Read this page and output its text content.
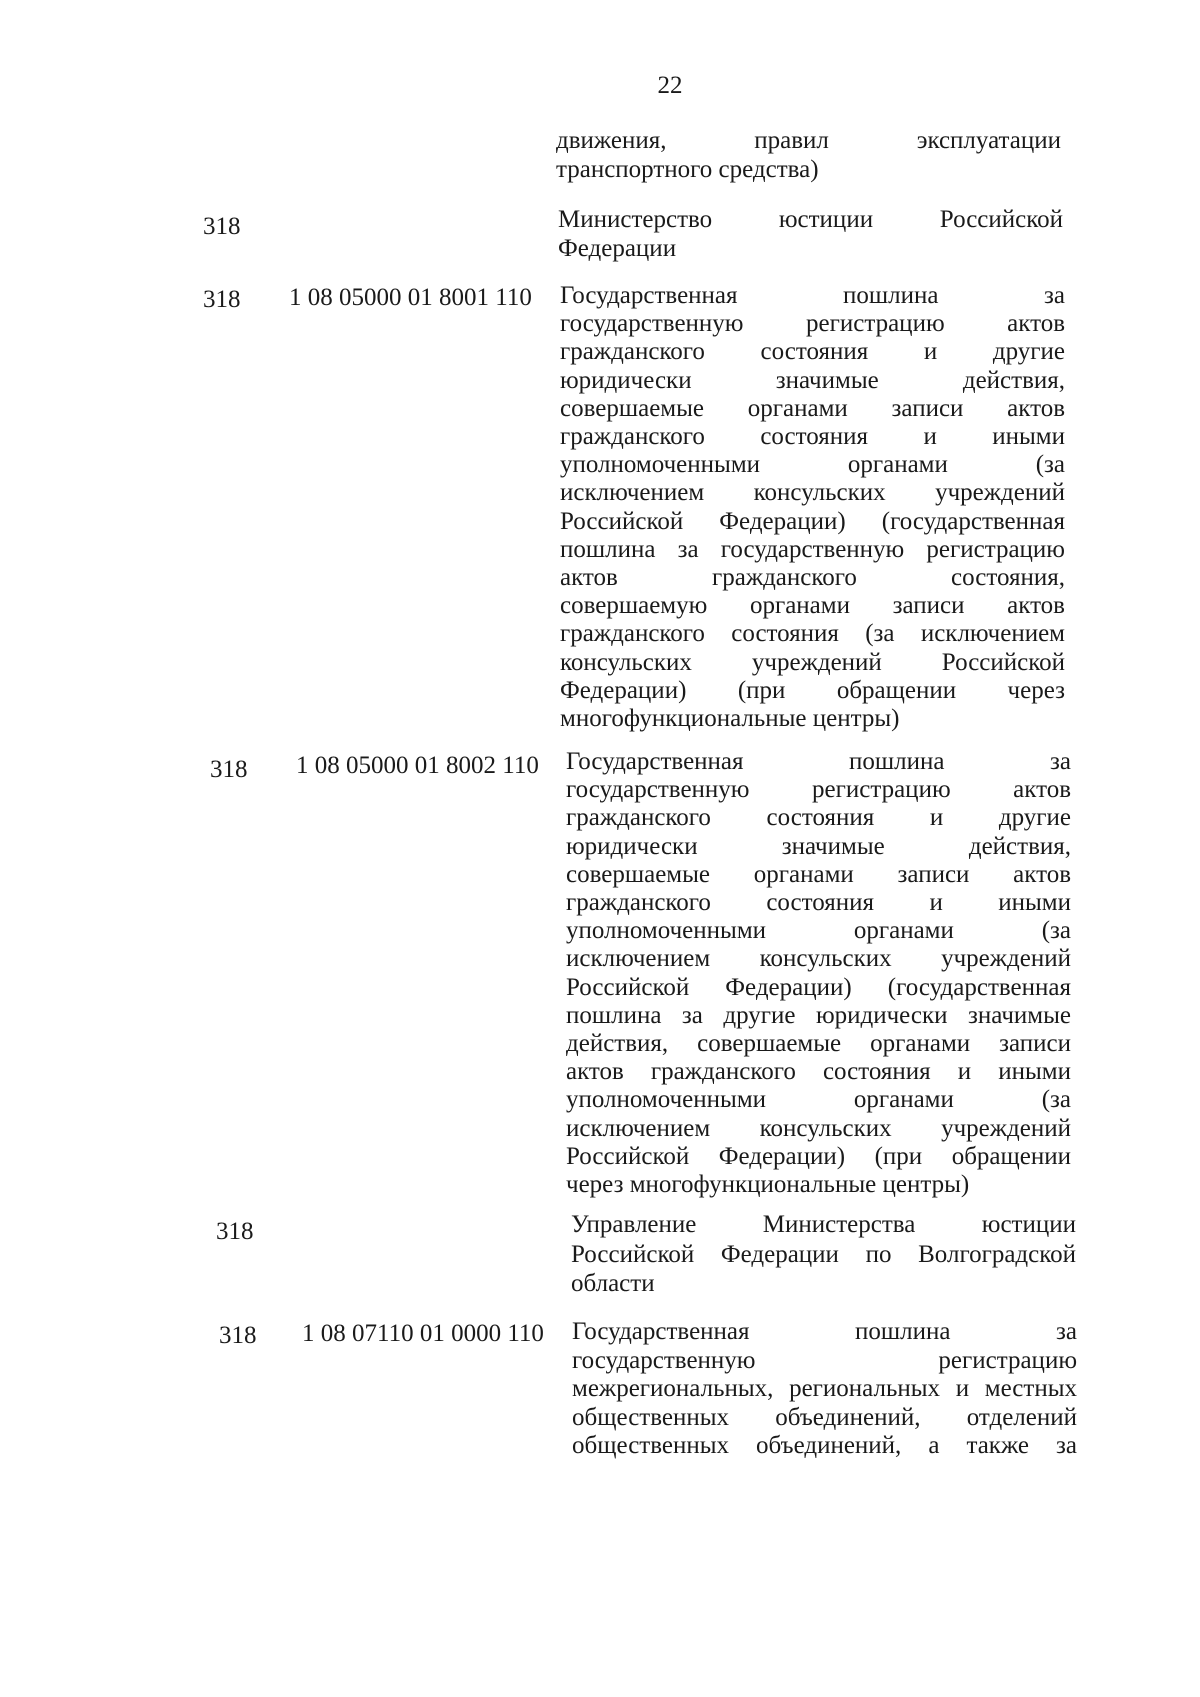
22
движения, правил эксплуатации
транспортного средства)
318	Министерство юстиции Российской
Федерации
318 1 08 05000 01 8001 110 Государственная пошлина за
государственную регистрацию актов
гражданского состояния и другие
юридически значимые действия,
совершаемые органами записи актов
гражданского состояния и иными
уполномоченными органами (за
исключением консульских учреждений
Российской Федерации) (государственная
пошлина за государственную регистрацию
актов гражданского состояния,
совершаемую органами записи актов
гражданского состояния (за исключением
консульских учреждений Российской
Федерации) (при обращении через
многофункциональные центры)
318 1 08 05000 01 8002 110 Государственная пошлина за
государственную регистрацию актов
гражданского состояния и другие
юридически значимые действия,
совершаемые органами записи актов
гражданского состояния и иными
уполномоченными органами (за
исключением консульских учреждений
Российской Федерации) (государственная
пошлина за другие юридически значимые
действия, совершаемые органами записи
актов гражданского состояния и иными
уполномоченными органами (за
исключением консульских учреждений
Российской Федерации) (при обращении
через многофункциональные центры)
318	Управление Министерства юстиции
Российской Федерации по Волгоградской
области
318 1 08 07110 01 0000 110 Государственная пошлина за
государственную регистрацию
межрегиональных, региональных и местных
общественных объединений, отделений
общественных объединений, а также за
